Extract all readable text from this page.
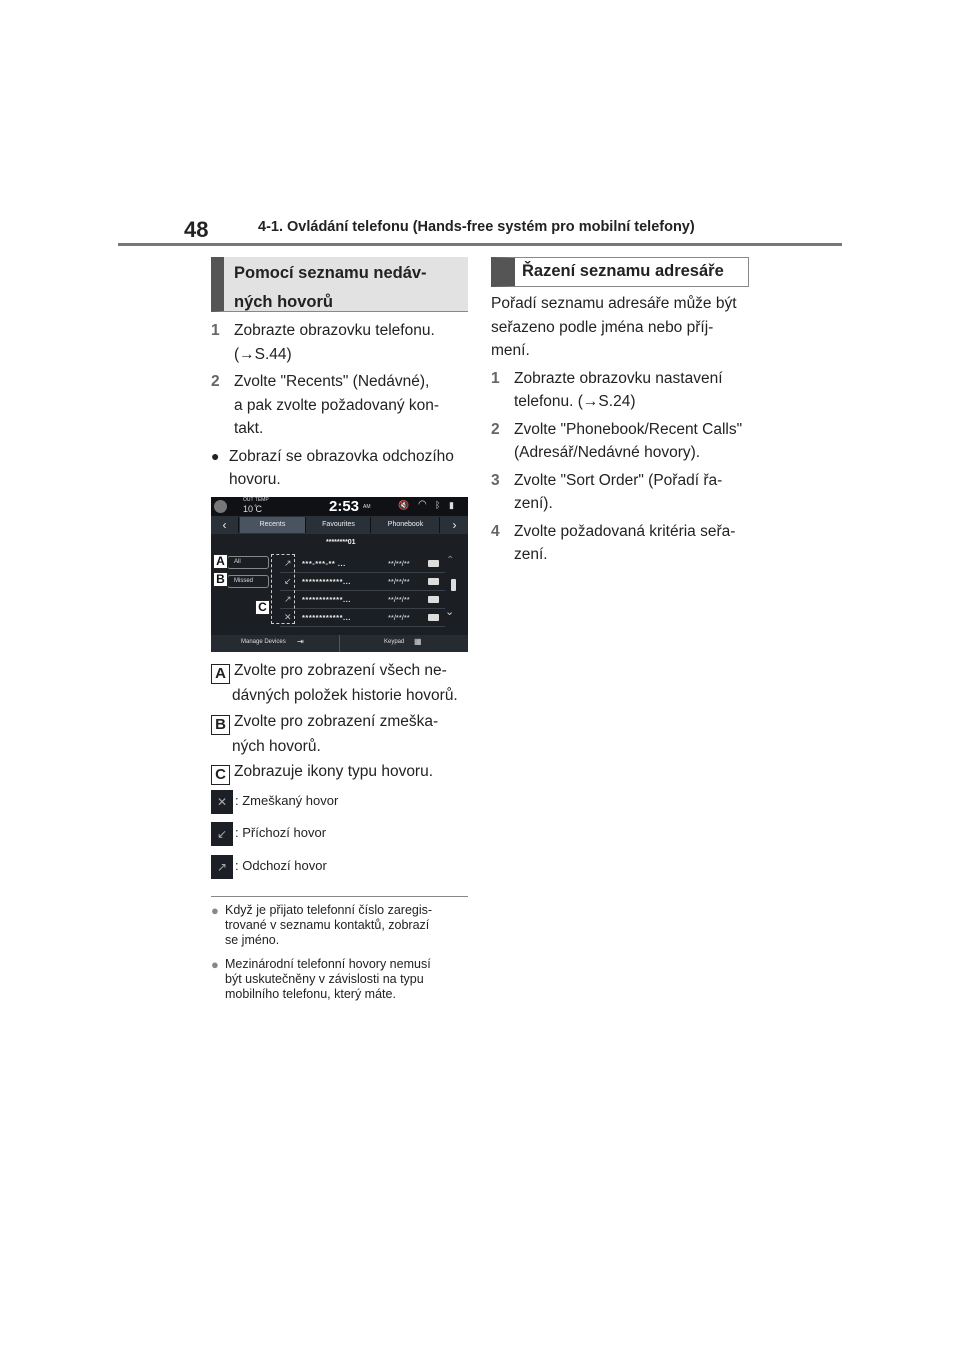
48	4-1. Ovládání telefonu (Hands-free systém pro mobilní telefony)
Pomocí seznamu nedáv-
ných hovorů
1 Zobrazte obrazovku telefonu.
(→S.44)
2 Zvolte "Recents" (Nedávné),
a pak zvolte požadovaný kon-
takt.
● Zobrazí se obrazovka odchozího
hovoru.
OUT TEMP
10 ̊C	2:53 AM	🔇 ◠ ᛒ ▮
‹	Recents	Favourites	Phonebook	›
********01
All
Missed
↗	***-***-** ...	**/**/**
↙	************...	**/**/**
↗	************...	**/**/**
✕	************...	**/**/**
⌃
⌄
Manage Devices ⇥	Keypad ▦
A
B
C
A Zvolte pro zobrazení všech ne-
dávných položek historie hovorů.
B Zvolte pro zobrazení zmeška-
ných hovorů.
C Zobrazuje ikony typu hovoru.
✕ : Zmeškaný hovor
↙ : Příchozí hovor
↗ : Odchozí hovor
● Když je přijato telefonní číslo zaregis-
trované v seznamu kontaktů, zobrazí
se jméno.
● Mezinárodní telefonní hovory nemusí
být uskutečněny v závislosti na typu
mobilního telefonu, který máte.
Řazení seznamu adresáře
Pořadí seznamu adresáře může být
seřazeno podle jména nebo příj-
mení.
1 Zobrazte obrazovku nastavení
telefonu. (→S.24)
2 Zvolte "Phonebook/Recent Calls"
(Adresář/Nedávné hovory).
3 Zvolte "Sort Order" (Pořadí řa-
zení).
4 Zvolte požadovaná kritéria seřa-
zení.
